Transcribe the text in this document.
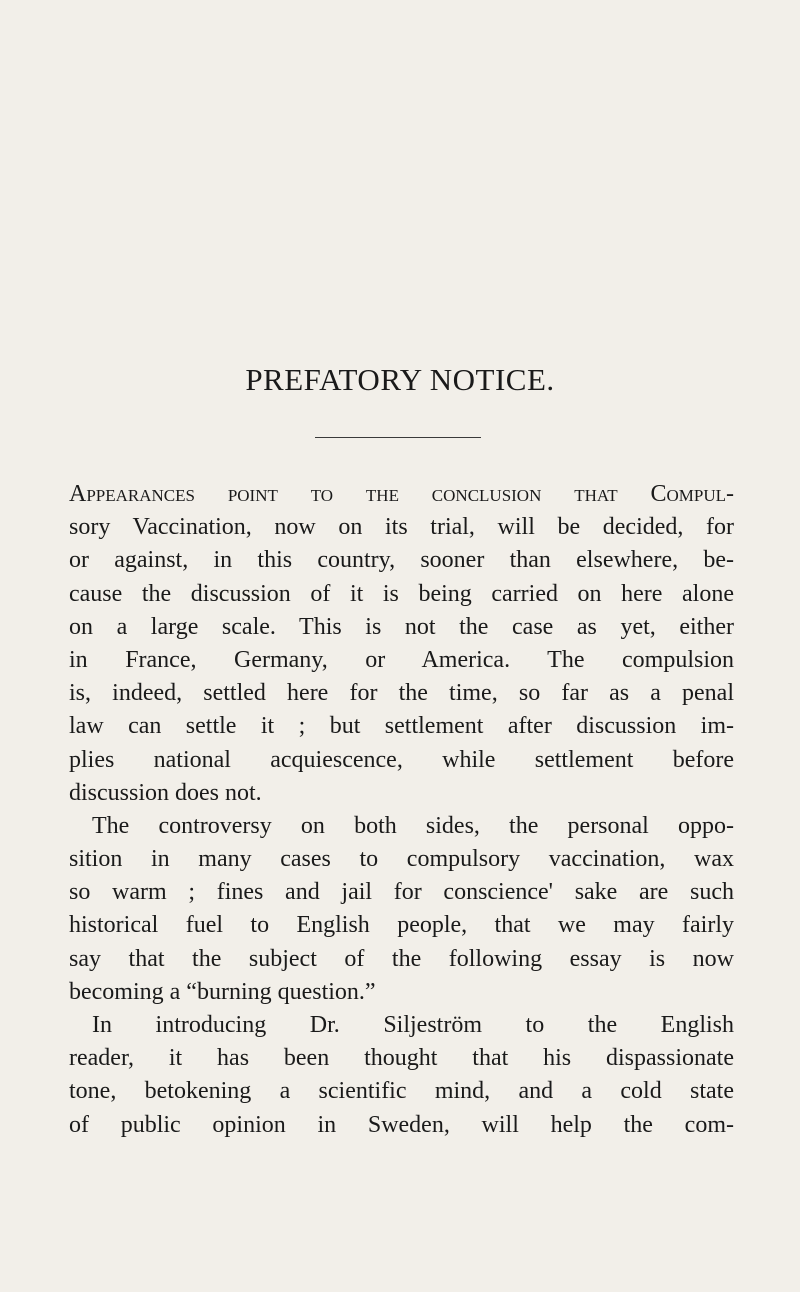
PREFATORY NOTICE.
Appearances point to the conclusion that Compul-
sory Vaccination, now on its trial, will be decided, for
or against, in this country, sooner than elsewhere, be-
cause the discussion of it is being carried on here alone
on a large scale. This is not the case as yet, either
in France, Germany, or America. The compulsion
is, indeed, settled here for the time, so far as a penal
law can settle it ; but settlement after discussion im-
plies national acquiescence, while settlement before
discussion does not.
The controversy on both sides, the personal oppo-
sition in many cases to compulsory vaccination, wax
so warm ; fines and jail for conscience' sake are such
historical fuel to English people, that we may fairly
say that the subject of the following essay is now
becoming a “burning question.”
In introducing Dr. Siljeström to the English
reader, it has been thought that his dispassionate
tone, betokening a scientific mind, and a cold state
of public opinion in Sweden, will help the com-
